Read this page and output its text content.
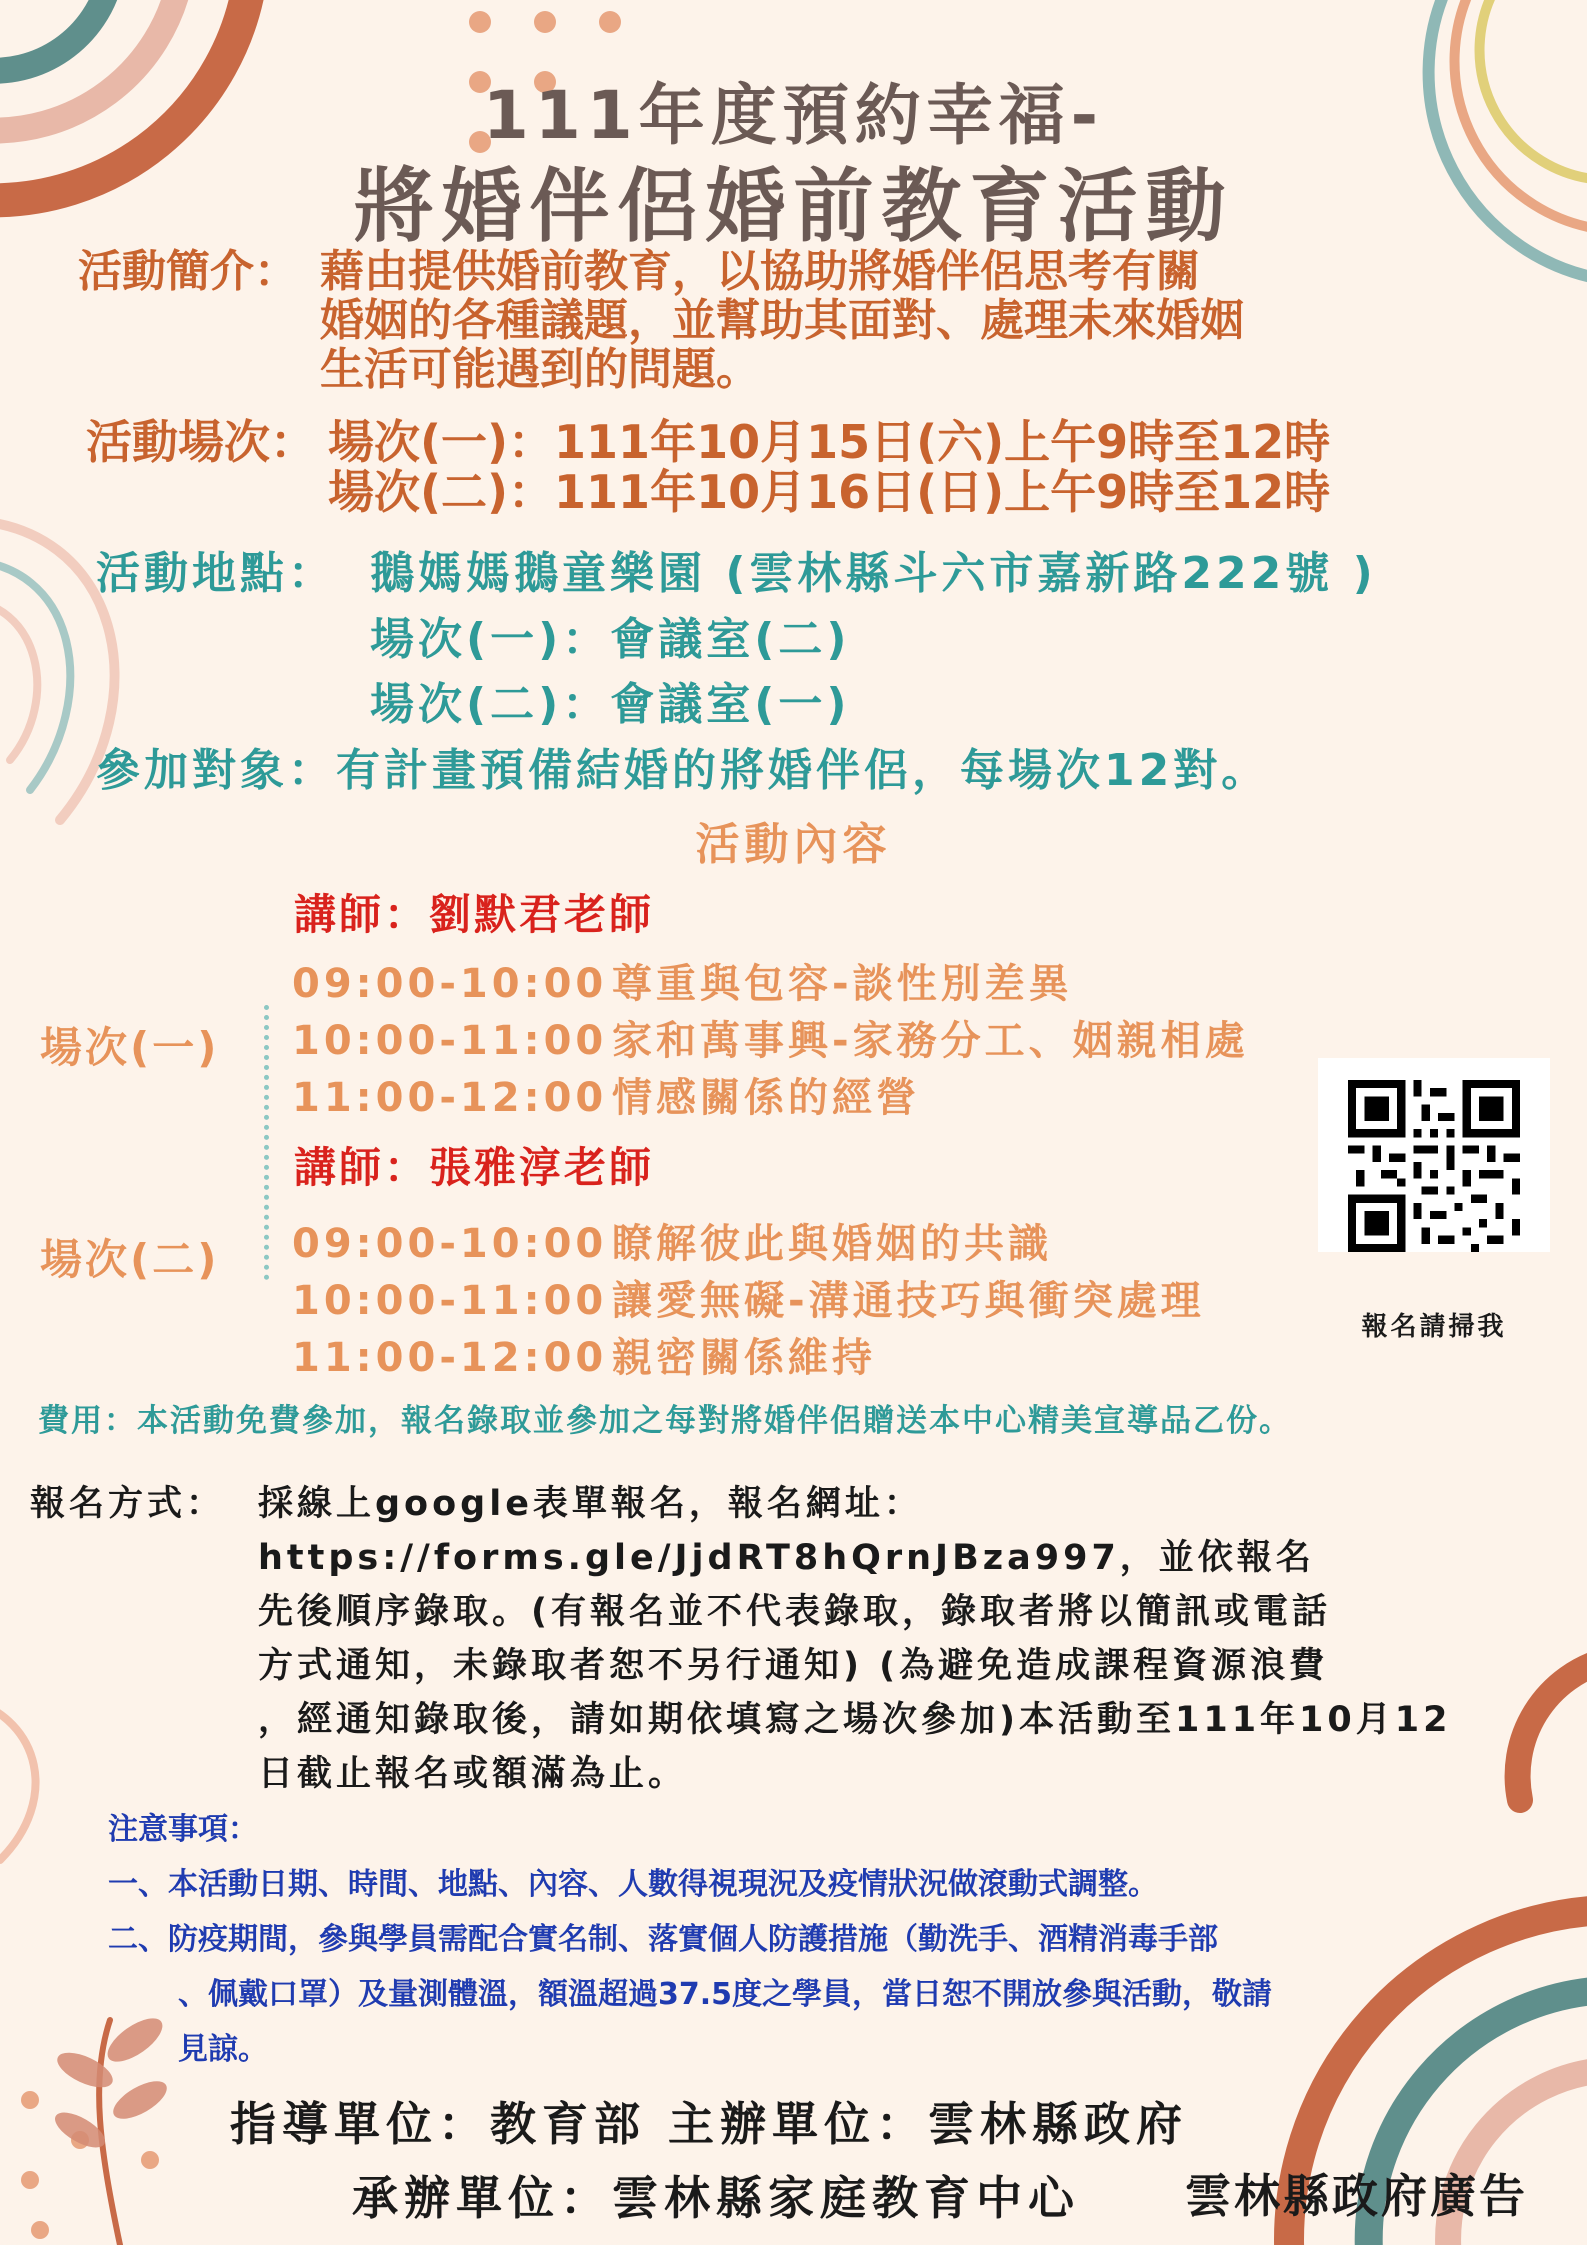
111年度預約幸福-
將婚伴侶婚前教育活動
活動簡介： 藉由提供婚前教育，以協助將婚伴侶思考有關
婚姻的各種議題，並幫助其面對、處理未來婚姻
生活可能遇到的問題。
活動場次： 場次(一)：111年10月15日(六)上午9時至12時
場次(二)：111年10月16日(日)上午9時至12時
活動地點： 鵝媽媽鵝童樂園 (雲林縣斗六市嘉新路222號 )
場次(一)：會議室(二)
場次(二)：會議室(一)
參加對象：有計畫預備結婚的將婚伴侶，每場次12對。
活動內容
講師：劉默君老師
場次(一)
09:00-10:00 尊重與包容-談性別差異
10:00-11:00 家和萬事興-家務分工、姻親相處
11:00-12:00 情感關係的經營
講師：張雅淳老師
場次(二) 09:00-10:00 瞭解彼此與婚姻的共識
10:00-11:00 讓愛無礙-溝通技巧與衝突處理
11:00-12:00 親密關係維持
報名請掃我
費用：本活動免費參加，報名錄取並參加之每對將婚伴侶贈送本中心精美宣導品乙份。
報名方式： 採線上google表單報名，報名網址：
https://forms.gle/JjdRT8hQrnJBza997，並依報名
先後順序錄取。(有報名並不代表錄取，錄取者將以簡訊或電話
方式通知，未錄取者恕不另行通知) (為避免造成課程資源浪費
，經通知錄取後，請如期依填寫之場次參加)本活動至111年10月12
日截止報名或額滿為止。
注意事項：
一、本活動日期、時間、地點、內容、人數得視現況及疫情狀況做滾動式調整。
二、防疫期間，參與學員需配合實名制、落實個人防護措施（勤洗手、酒精消毒手部
、佩戴口罩）及量測體溫，額溫超過37.5度之學員，當日恕不開放參與活動，敬請
見諒。
指導單位：教育部 主辦單位：雲林縣政府
承辦單位：雲林縣家庭教育中心 雲林縣政府廣告
